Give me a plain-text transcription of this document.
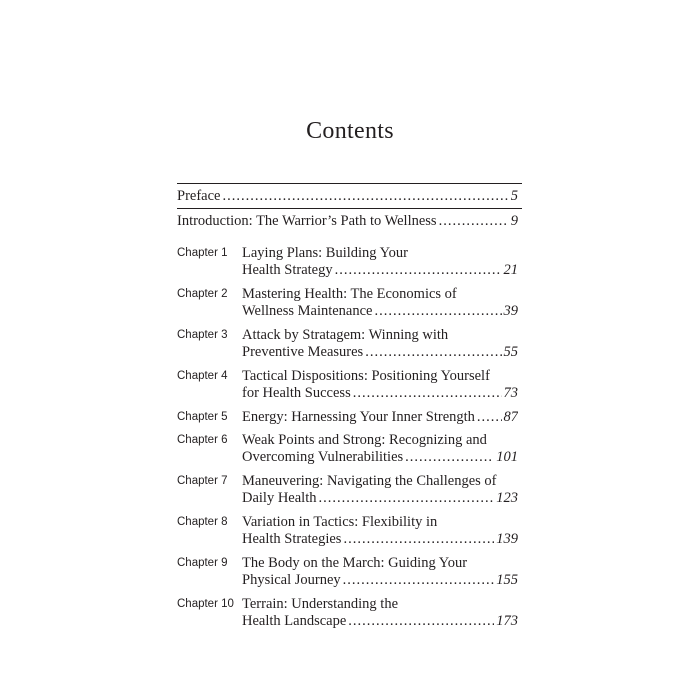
Contents
Preface .....	5
Introduction: The Warrior’s Path to Wellness .....	9
Chapter 1 Laying Plans: Building Your
Health Strategy .....	21
Chapter 2 Mastering Health: The Economics of
Wellness Maintenance .....	39
Chapter 3 Attack by Stratagem: Winning with
Preventive Measures .....	55
Chapter 4 Tactical Dispositions: Positioning Yourself
for Health Success .....	73
Chapter 5 Energy: Harnessing Your Inner Strength ..... 87
Chapter 6 Weak Points and Strong: Recognizing and
Overcoming Vulnerabilities .....	101
Chapter 7 Maneuvering: Navigating the Challenges of
Daily Health .....	123
Chapter 8 Variation in Tactics: Flexibility in
Health Strategies .....	139
Chapter 9 The Body on the March: Guiding Your
Physical Journey .....	155
Chapter 10 Terrain: Understanding the
Health Landscape .....	173
